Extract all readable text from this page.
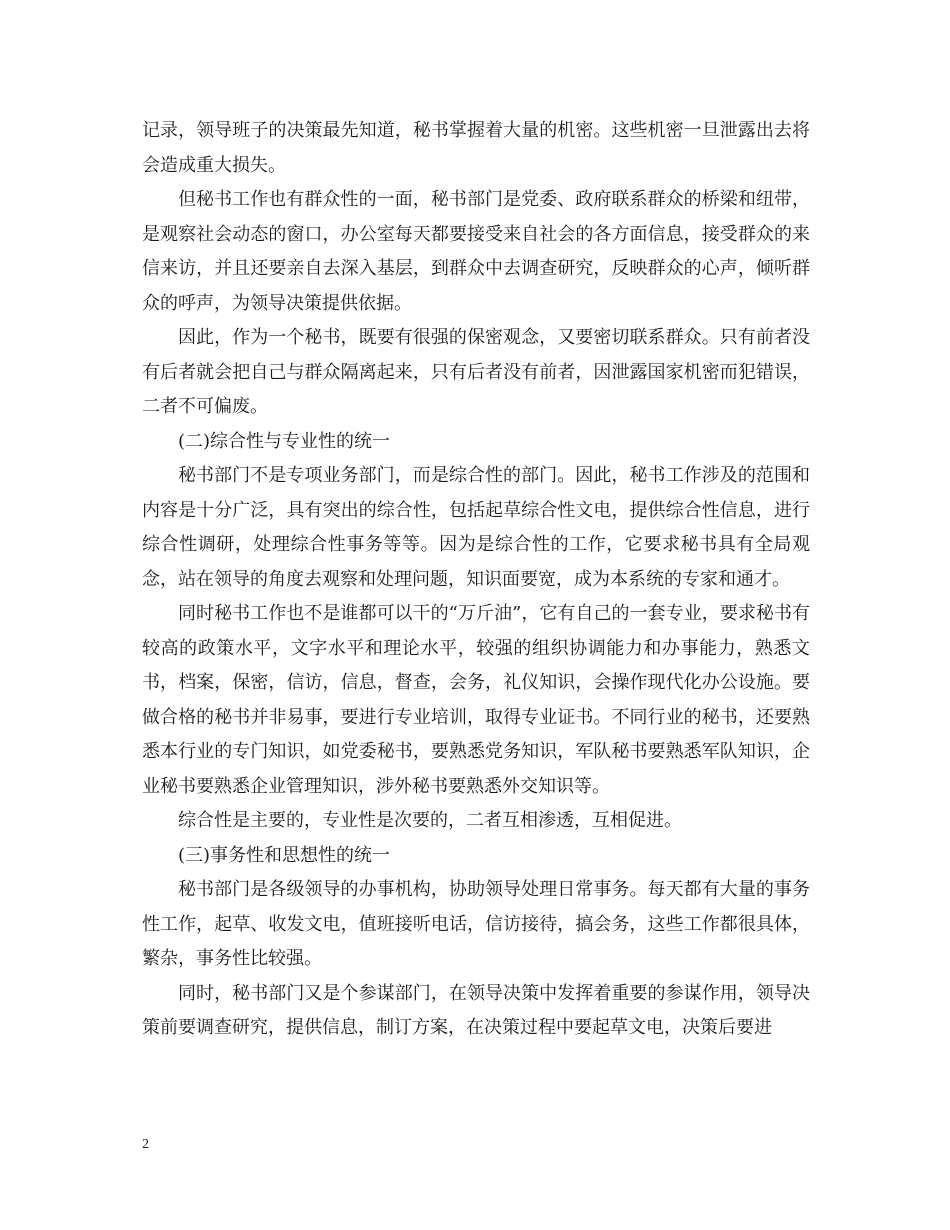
记录，领导班子的决策最先知道，秘书掌握着大量的机密。这些机密一旦泄露出去将会造成重大损失。

但秘书工作也有群众性的一面，秘书部门是党委、政府联系群众的桥梁和纽带，是观察社会动态的窗口，办公室每天都要接受来自社会的各方面信息，接受群众的来信来访，并且还要亲自去深入基层，到群众中去调查研究，反映群众的心声，倾听群众的呼声，为领导决策提供依据。

因此，作为一个秘书，既要有很强的保密观念，又要密切联系群众。只有前者没有后者就会把自己与群众隔离起来，只有后者没有前者，因泄露国家机密而犯错误，二者不可偏废。

(二)综合性与专业性的统一

秘书部门不是专项业务部门，而是综合性的部门。因此，秘书工作涉及的范围和内容是十分广泛，具有突出的综合性，包括起草综合性文电，提供综合性信息，进行综合性调研，处理综合性事务等等。因为是综合性的工作，它要求秘书具有全局观念，站在领导的角度去观察和处理问题，知识面要宽，成为本系统的专家和通才。

同时秘书工作也不是谁都可以干的“万斤油”，它有自己的一套专业，要求秘书有较高的政策水平，文字水平和理论水平，较强的组织协调能力和办事能力，熟悉文书，档案，保密，信访，信息，督查，会务，礼仪知识，会操作现代化办公设施。要做合格的秘书并非易事，要进行专业培训，取得专业证书。不同行业的秘书，还要熟悉本行业的专门知识，如党委秘书，要熟悉党务知识，军队秘书要熟悉军队知识，企业秘书要熟悉企业管理知识，涉外秘书要熟悉外交知识等。

综合性是主要的，专业性是次要的，二者互相渗透，互相促进。

(三)事务性和思想性的统一

秘书部门是各级领导的办事机构，协助领导处理日常事务。每天都有大量的事务性工作，起草、收发文电，值班接听电话，信访接待，搞会务，这些工作都很具体，繁杂，事务性比较强。

同时，秘书部门又是个参谋部门，在领导决策中发挥着重要的参谋作用，领导决策前要调查研究，提供信息，制订方案，在决策过程中要起草文电，决策后要进

2
